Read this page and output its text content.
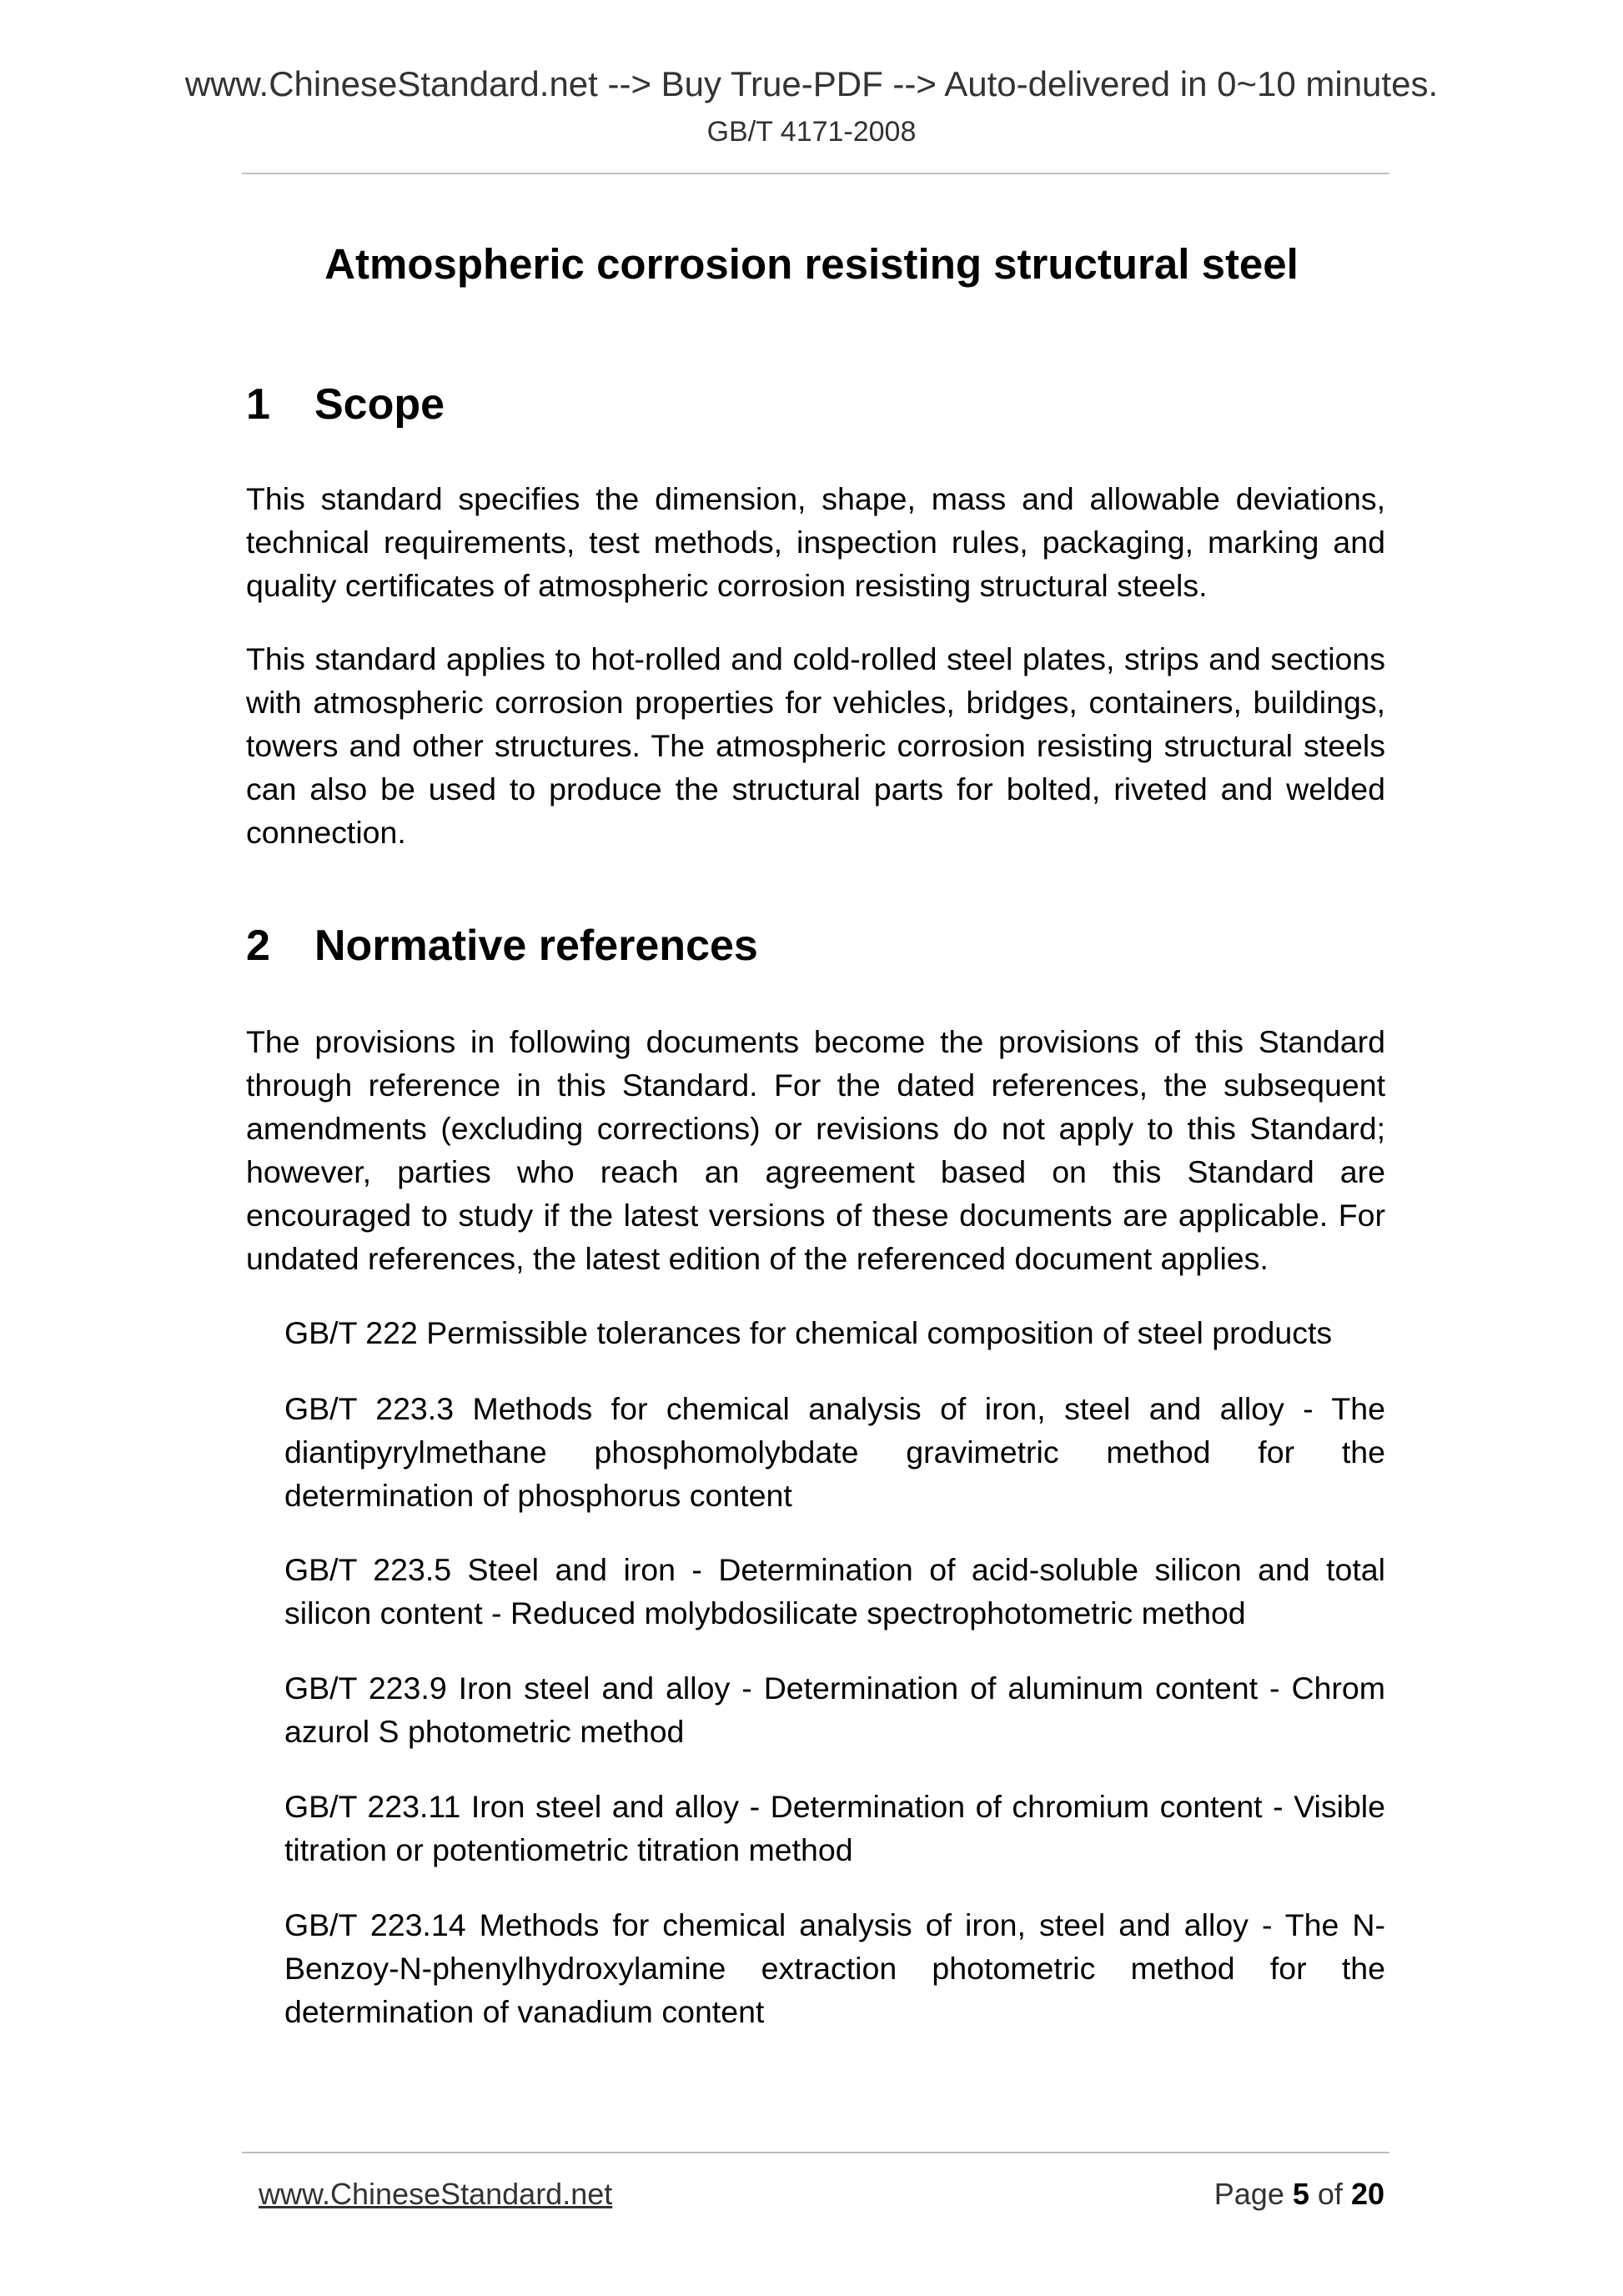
www.ChineseStandard.net --> Buy True-PDF --> Auto-delivered in 0~10 minutes.
GB/T 4171-2008
Atmospheric corrosion resisting structural steel
1 Scope
This standard specifies the dimension, shape, mass and allowable deviations, technical requirements, test methods, inspection rules, packaging, marking and quality certificates of atmospheric corrosion resisting structural steels.
This standard applies to hot-rolled and cold-rolled steel plates, strips and sections with atmospheric corrosion properties for vehicles, bridges, containers, buildings, towers and other structures. The atmospheric corrosion resisting structural steels can also be used to produce the structural parts for bolted, riveted and welded connection.
2 Normative references
The provisions in following documents become the provisions of this Standard through reference in this Standard. For the dated references, the subsequent amendments (excluding corrections) or revisions do not apply to this Standard; however, parties who reach an agreement based on this Standard are encouraged to study if the latest versions of these documents are applicable. For undated references, the latest edition of the referenced document applies.
GB/T 222 Permissible tolerances for chemical composition of steel products
GB/T 223.3 Methods for chemical analysis of iron, steel and alloy - The diantipyrylmethane phosphomolybdate gravimetric method for the determination of phosphorus content
GB/T 223.5 Steel and iron - Determination of acid-soluble silicon and total silicon content - Reduced molybdosilicate spectrophotometric method
GB/T 223.9 Iron steel and alloy - Determination of aluminum content - Chrom azurol S photometric method
GB/T 223.11 Iron steel and alloy - Determination of chromium content - Visible titration or potentiometric titration method
GB/T 223.14 Methods for chemical analysis of iron, steel and alloy - The N-Benzoy-N-phenylhydroxylamine extraction photometric method for the determination of vanadium content
www.ChineseStandard.net	Page 5 of 20
